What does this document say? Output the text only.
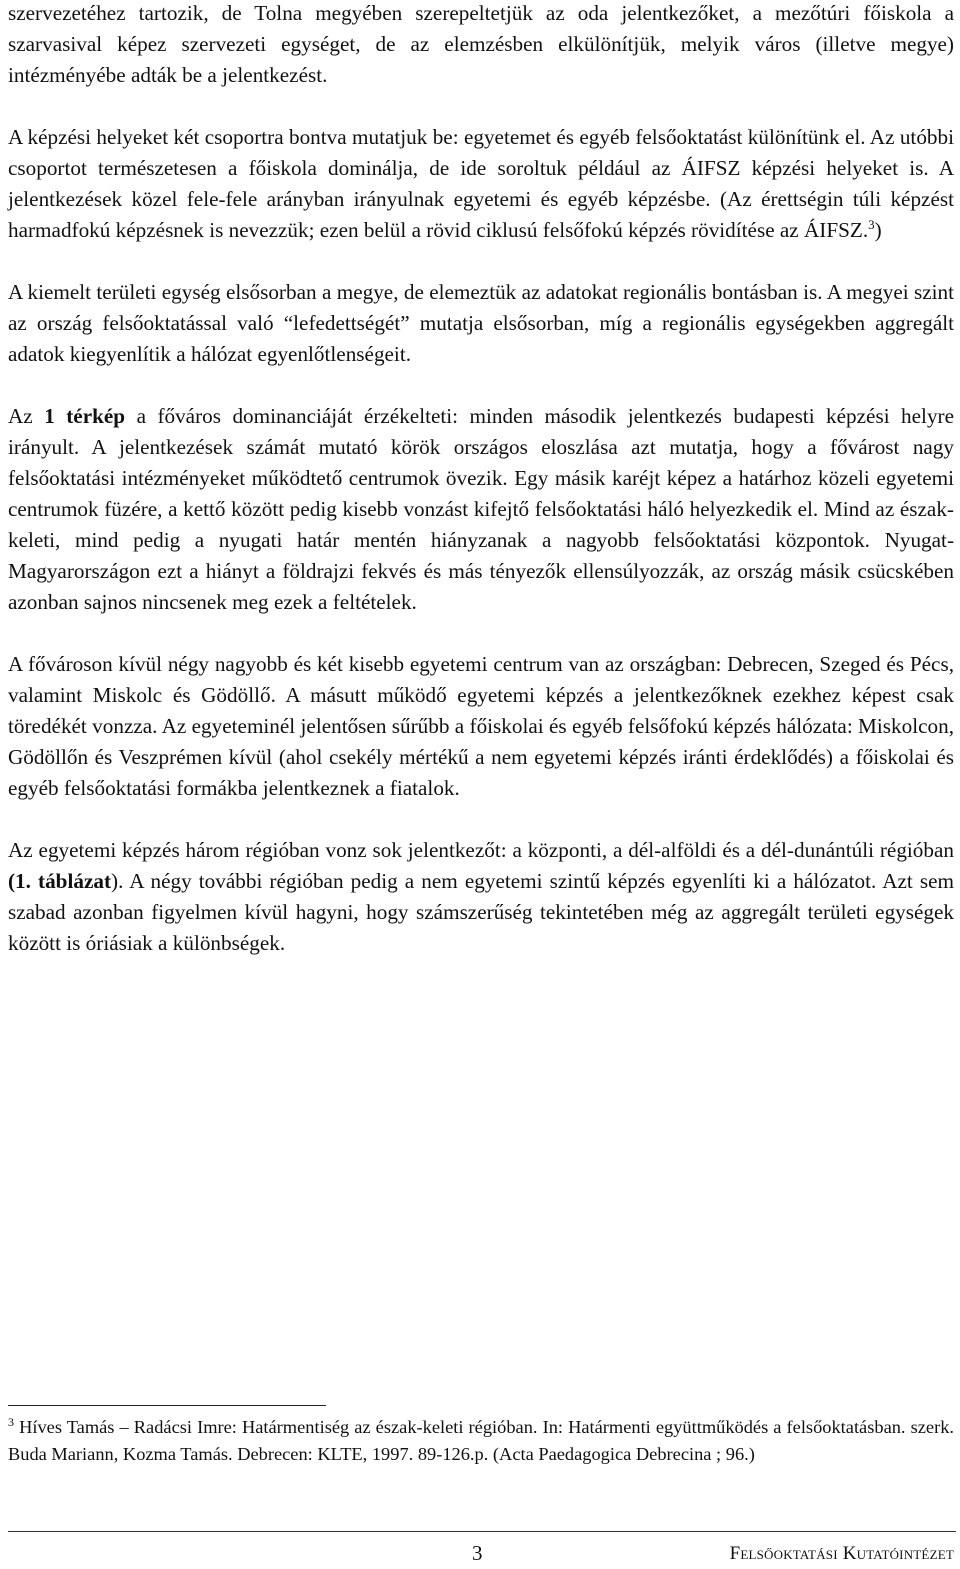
szervezetéhez tartozik, de Tolna megyében szerepeltetjük az oda jelentkezőket, a mezőtúri főiskola a szarvasival képez szervezeti egységet, de az elemzésben elkülönítjük, melyik város (illetve megye) intézményébe adták be a jelentkezést.

A képzési helyeket két csoportra bontva mutatjuk be: egyetemet és egyéb felsőoktatást különítünk el. Az utóbbi csoportot természetesen a főiskola dominálja, de ide soroltuk például az ÁIFSZ képzési helyeket is. A jelentkezések közel fele-fele arányban irányulnak egyetemi és egyéb képzésbe. (Az érettségin túli képzést harmadfokú képzésnek is nevezzük; ezen belül a rövid ciklusú felsőfokú képzés rövidítése az ÁIFSZ.$^3$)

A kiemelt területi egység elsősorban a megye, de elemeztük az adatokat regionális bontásban is. A megyei szint az ország felsőoktatással való “lefedettségét” mutatja elsősorban, míg a regionális egységekben aggregált adatok kiegyenlítik a hálózat egyenlőtlenségeit.

Az 1 térkép a főváros dominanciáját érzékelteti: minden második jelentkezés budapesti képzési helyre irányult. A jelentkezések számát mutató körök országos eloszlása azt mutatja, hogy a fővárost nagy felsőoktatási intézményeket működtető centrumok övezik. Egy másik karéjt képez a határhoz közeli egyetemi centrumok füzére, a kettő között pedig kisebb vonzást kifejtő felsőoktatási háló helyezkedik el. Mind az észak-keleti, mind pedig a nyugati határ mentén hiányzanak a nagyobb felsőoktatási központok. Nyugat-Magyarországon ezt a hiányt a földrajzi fekvés és más tényezők ellensúlyozzák, az ország másik csücskében azonban sajnos nincsenek meg ezek a feltételek.

A fővároson kívül négy nagyobb és két kisebb egyetemi centrum van az országban: Debrecen, Szeged és Pécs, valamint Miskolc és Gödöllő. A másutt működő egyetemi képzés a jelentkezőknek ezekhez képest csak töredékét vonzza. Az egyeteminél jelentősen sűrűbb a főiskolai és egyéb felsőfokú képzés hálózata: Miskolcon, Gödöllőn és Veszprémen kívül (ahol csekély mértékű a nem egyetemi képzés iránti érdeklődés) a főiskolai és egyéb felsőoktatási formákba jelentkeznek a fiatalok.

Az egyetemi képzés három régióban vonz sok jelentkezőt: a központi, a dél-alföldi és a dél-dunántúli régióban (1. táblázat). A négy további régióban pedig a nem egyetemi szintű képzés egyenlíti ki a hálózatot. Azt sem szabad azonban figyelmen kívül hagyni, hogy számszerűség tekintetében még az aggregált területi egységek között is óriásiak a különbségek.

$^3$ Híves Tamás – Radácsi Imre: Határmentiség az észak-keleti régióban. In: Határmenti együttműködés a felsőoktatásban. szerk. Buda Mariann, Kozma Tamás. Debrecen: KLTE, 1997. 89-126.p. (Acta Paedagogica Debrecina ; 96.)

3	Felsőoktatási Kutatóintézet
